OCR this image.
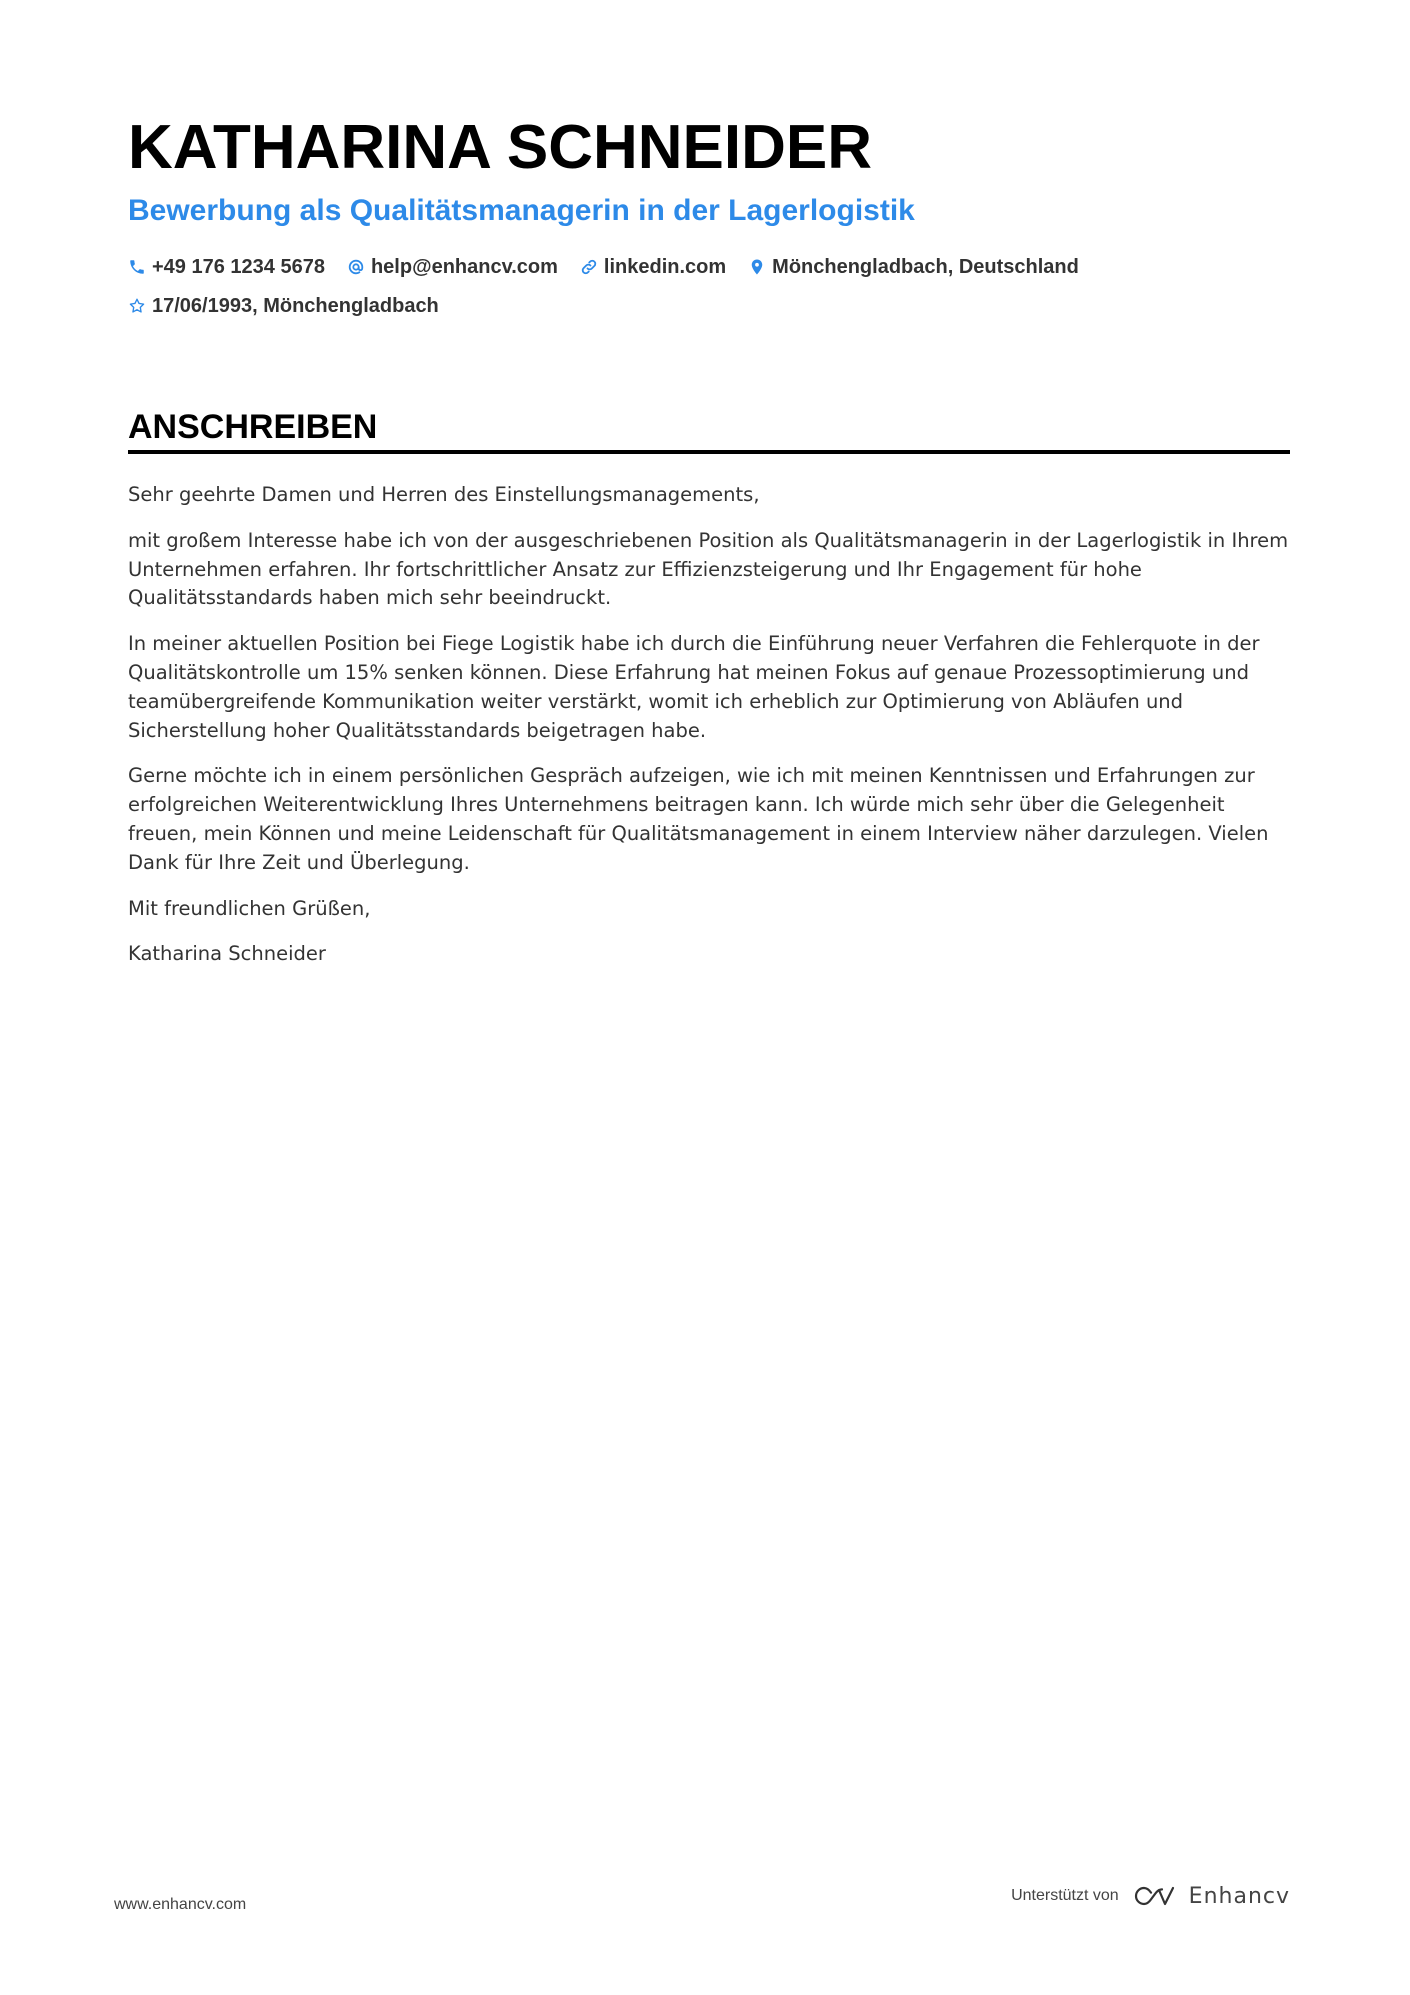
KATHARINA SCHNEIDER
Bewerbung als Qualitätsmanagerin in der Lagerlogistik
+49 176 1234 5678 help@enhancv.com linkedin.com Mönchengladbach, Deutschland
17/06/1993, Mönchengladbach
ANSCHREIBEN

Sehr geehrte Damen und Herren des Einstellungsmanagements,

mit großem Interesse habe ich von der ausgeschriebenen Position als Qualitätsmanagerin in der Lagerlogistik in Ihrem Unternehmen erfahren. Ihr fortschrittlicher Ansatz zur Effizienzsteigerung und Ihr Engagement für hohe Qualitätsstandards haben mich sehr beeindruckt.

In meiner aktuellen Position bei Fiege Logistik habe ich durch die Einführung neuer Verfahren die Fehlerquote in der Qualitätskontrolle um 15% senken können. Diese Erfahrung hat meinen Fokus auf genaue Prozessoptimierung und teamübergreifende Kommunikation weiter verstärkt, womit ich erheblich zur Optimierung von Abläufen und Sicherstellung hoher Qualitätsstandards beigetragen habe.

Gerne möchte ich in einem persönlichen Gespräch aufzeigen, wie ich mit meinen Kenntnissen und Erfahrungen zur erfolgreichen Weiterentwicklung Ihres Unternehmens beitragen kann. Ich würde mich sehr über die Gelegenheit freuen, mein Können und meine Leidenschaft für Qualitätsmanagement in einem Interview näher darzulegen. Vielen Dank für Ihre Zeit und Überlegung.

Mit freundlichen Grüßen,

Katharina Schneider

www.enhancv.com
Unterstützt von	Enhancv
